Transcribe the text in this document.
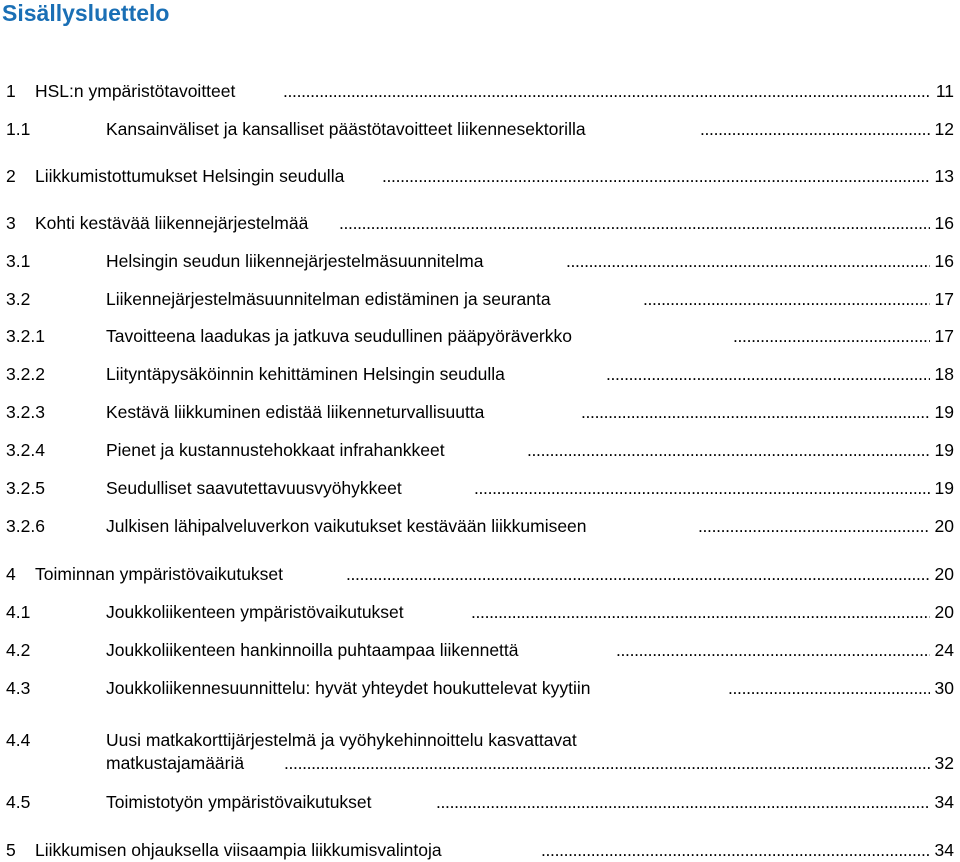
Sisällysluettelo
1 HSL:n ympäristötavoitteet . . .	11
1.1	Kansainväliset ja kansalliset päästötavoitteet liikennesektorilla . . .	12
2 Liikkumistottumukset Helsingin seudulla . . .	13
3 Kohti kestävää liikennejärjestelmää . . .	16
3.1	Helsingin seudun liikennejärjestelmäsuunnitelma . . .	16
3.2	Liikennejärjestelmäsuunnitelman edistäminen ja seuranta . . .	17
3.2.1	Tavoitteena laadukas ja jatkuva seudullinen pääpyöräverkko . . .	17
3.2.2	Liityntäpysäköinnin kehittäminen Helsingin seudulla . . .	18
3.2.3	Kestävä liikkuminen edistää liikenneturvallisuutta . . .	19
3.2.4	Pienet ja kustannustehokkaat infrahankkeet . . .	19
3.2.5	Seudulliset saavutettavuusvyöhykkeet . . .	19
3.2.6	Julkisen lähipalveluverkon vaikutukset kestävään liikkumiseen . . .	20
4 Toiminnan ympäristövaikutukset . . .	20
4.1	Joukkoliikenteen ympäristövaikutukset . . .	20
4.2	Joukkoliikenteen hankinnoilla puhtaampaa liikennettä . . .	24
4.3	Joukkoliikennesuunnittelu: hyvät yhteydet houkuttelevat kyytiin . . .	30
4.4	Uusi matkakorttijärjestelmä ja vyöhykehinnoittelu kasvattavat
matkustajamääriä . . .	32
4.5	Toimistotyön ympäristövaikutukset . . .	34
5 Liikkumisen ohjauksella viisaampia liikkumisvalintoja . . .	34
